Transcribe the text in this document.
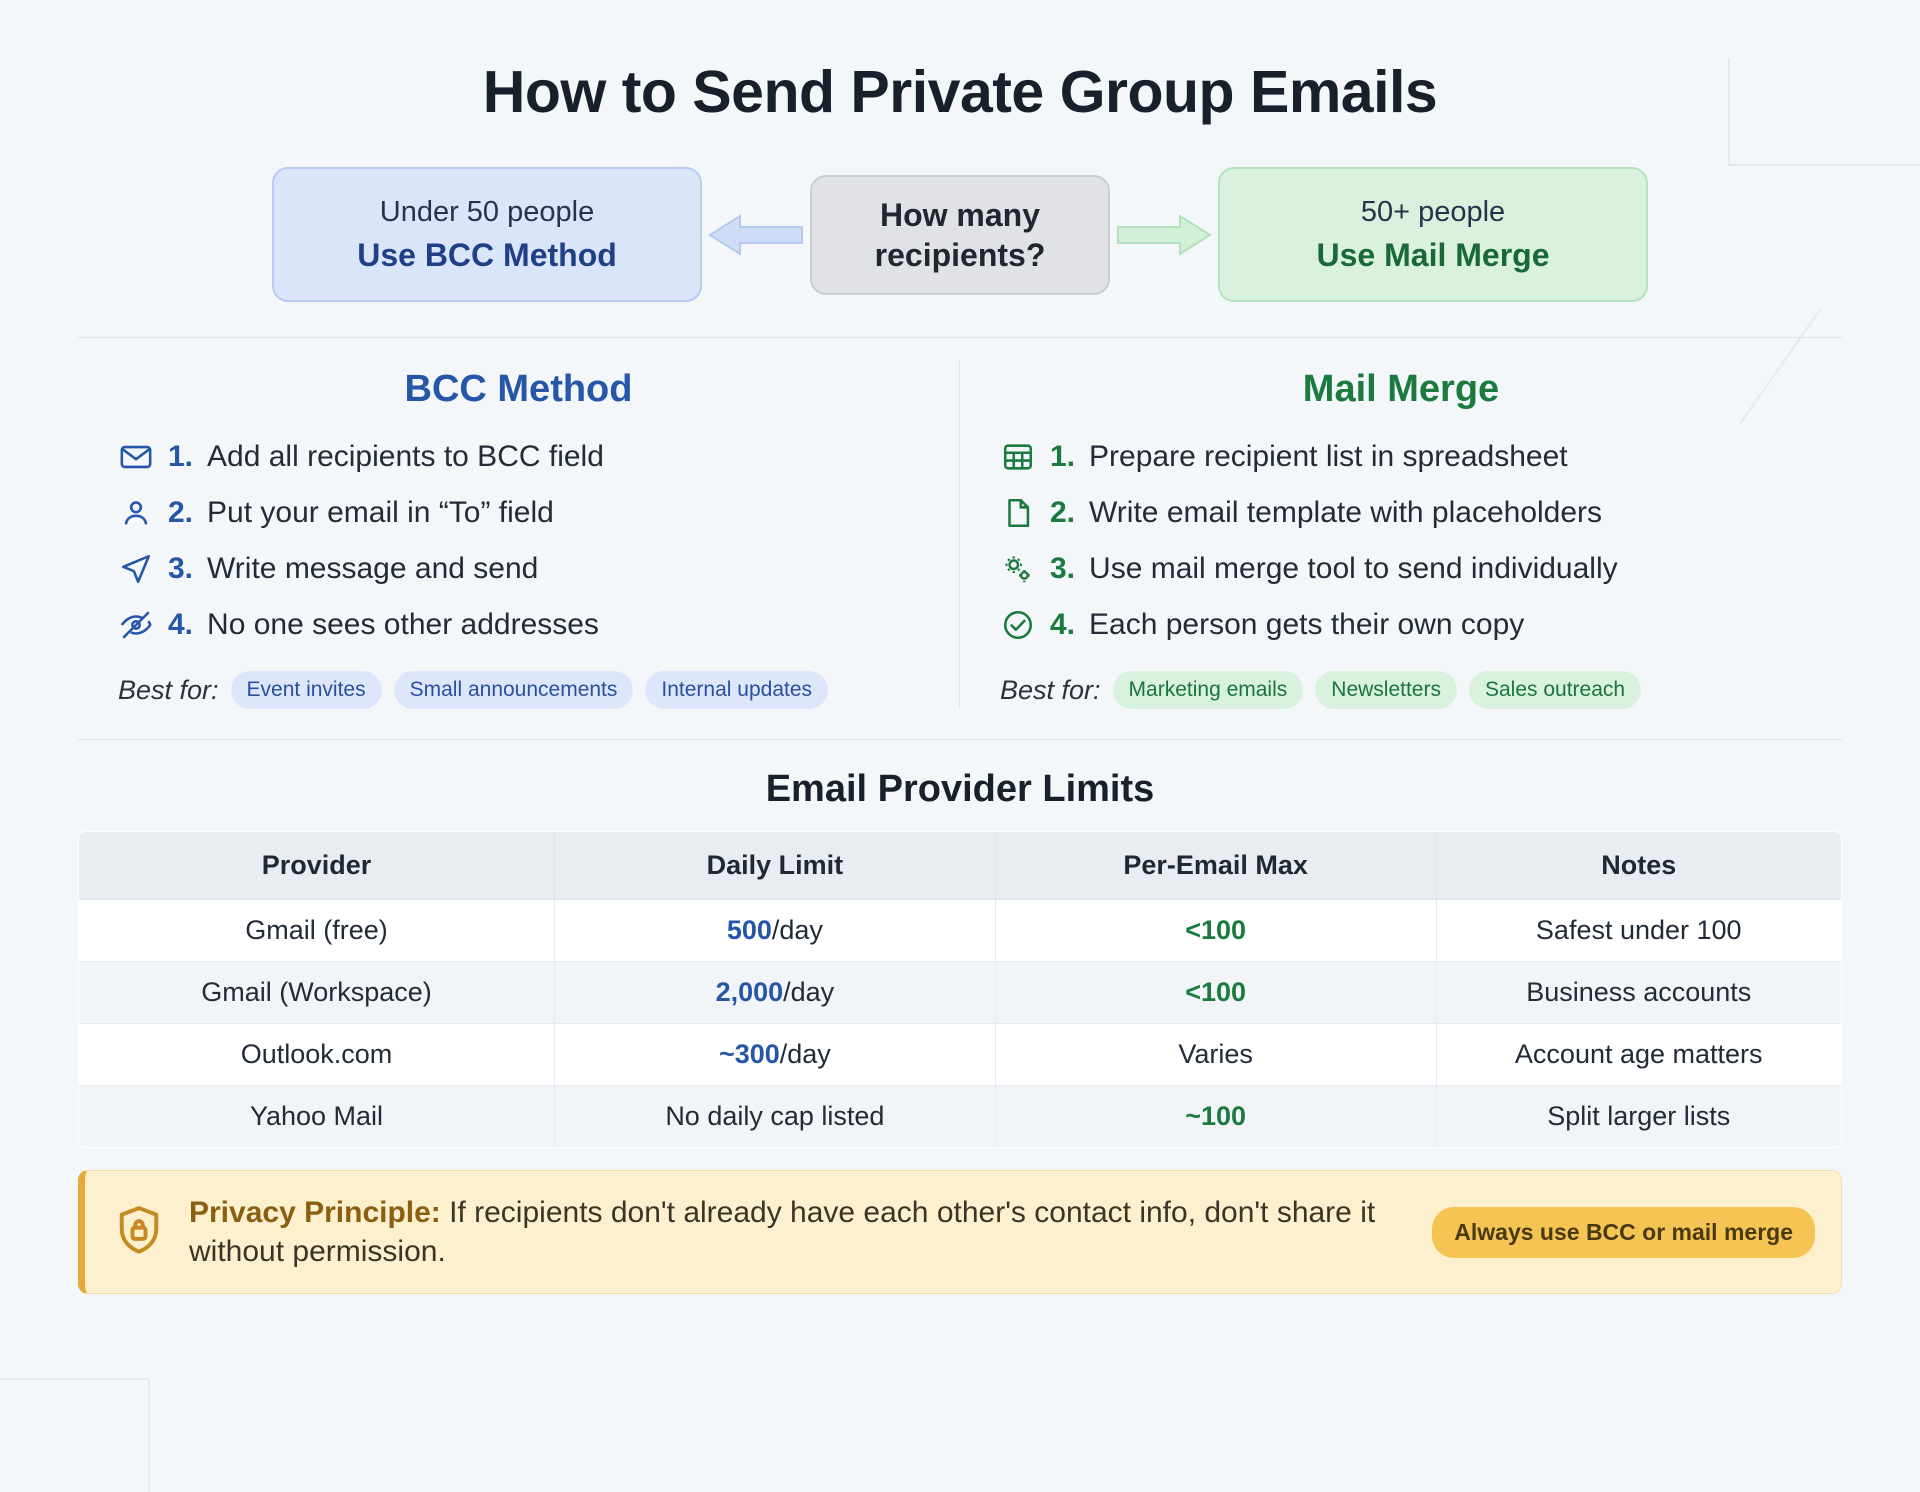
How to Send Private Group Emails
Under 50 people
Use BCC Method
How many
recipients?
50+ people
Use Mail Merge
BCC Method
1. Add all recipients to BCC field
2. Put your email in “To” field
3. Write message and send
4. No one sees other addresses
Best for:	Event invites	Small announcements	Internal updates
Mail Merge
1. Prepare recipient list in spreadsheet
2. Write email template with placeholders
3. Use mail merge tool to send individually
4. Each person gets their own copy
Best for:	Marketing emails	Newsletters	Sales outreach
Email Provider Limits
Provider	Daily Limit	Per-Email Max	Notes
Gmail (free)	500/day	<100	Safest under 100
Gmail (Workspace)	2,000/day	<100	Business accounts
Outlook.com	~300/day	Varies	Account age matters
Yahoo Mail	No daily cap listed	~100	Split larger lists
Privacy Principle: If recipients don't already have each other's contact info, don't share it without permission.
Always use BCC or mail merge
